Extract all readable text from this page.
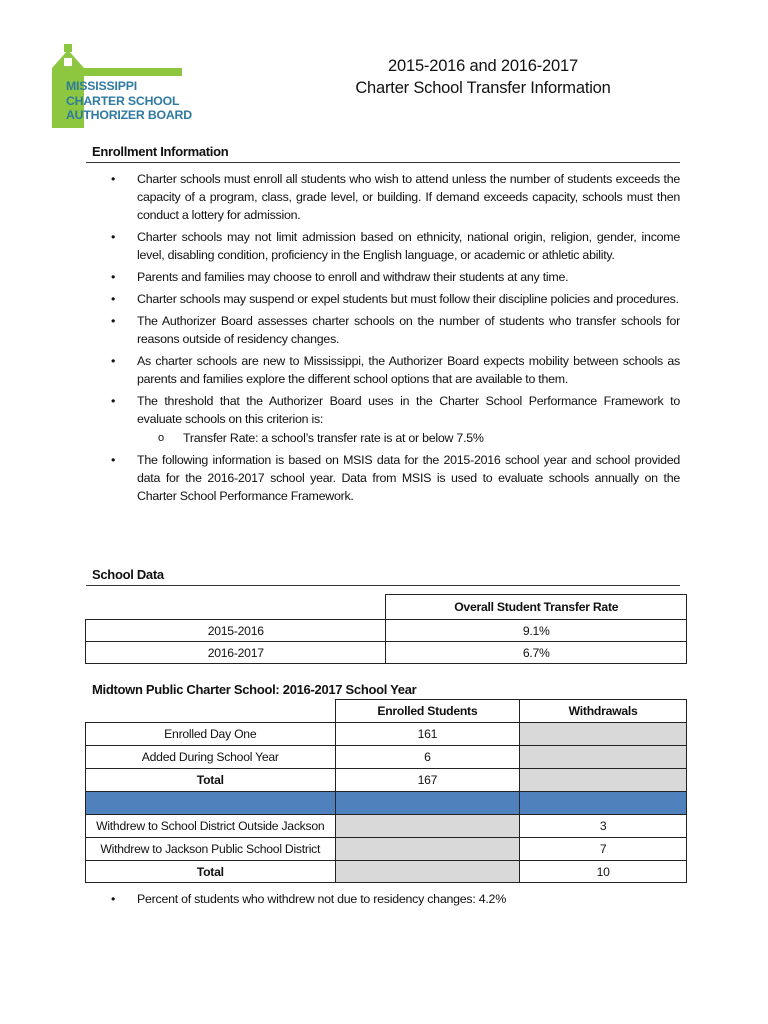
MISSISSIPPI
CHARTER SCHOOL
AUTHORIZER BOARD
2015-2016 and 2016-2017
Charter School Transfer Information
Enrollment Information
• Charter schools must enroll all students who wish to attend unless the number of students exceeds the capacity of a program, class, grade level, or building. If demand exceeds capacity, schools must then conduct a lottery for admission.
• Charter schools may not limit admission based on ethnicity, national origin, religion, gender, income level, disabling condition, proficiency in the English language, or academic or athletic ability.
• Parents and families may choose to enroll and withdraw their students at any time.
• Charter schools may suspend or expel students but must follow their discipline policies and procedures.
• The Authorizer Board assesses charter schools on the number of students who transfer schools for reasons outside of residency changes.
• As charter schools are new to Mississippi, the Authorizer Board expects mobility between schools as parents and families explore the different school options that are available to them.
• The threshold that the Authorizer Board uses in the Charter School Performance Framework to evaluate schools on this criterion is:
o Transfer Rate: a school’s transfer rate is at or below 7.5%
• The following information is based on MSIS data for the 2015-2016 school year and school provided data for the 2016-2017 school year. Data from MSIS is used to evaluate schools annually on the Charter School Performance Framework.
School Data
	Overall Student Transfer Rate
2015-2016	9.1%
2016-2017	6.7%
Midtown Public Charter School: 2016-2017 School Year
	Enrolled Students	Withdrawals
Enrolled Day One	161	
Added During School Year	6	
Total	167	

Withdrew to School District Outside Jackson		3
Withdrew to Jackson Public School District		7
Total		10
• Percent of students who withdrew not due to residency changes: 4.2%
